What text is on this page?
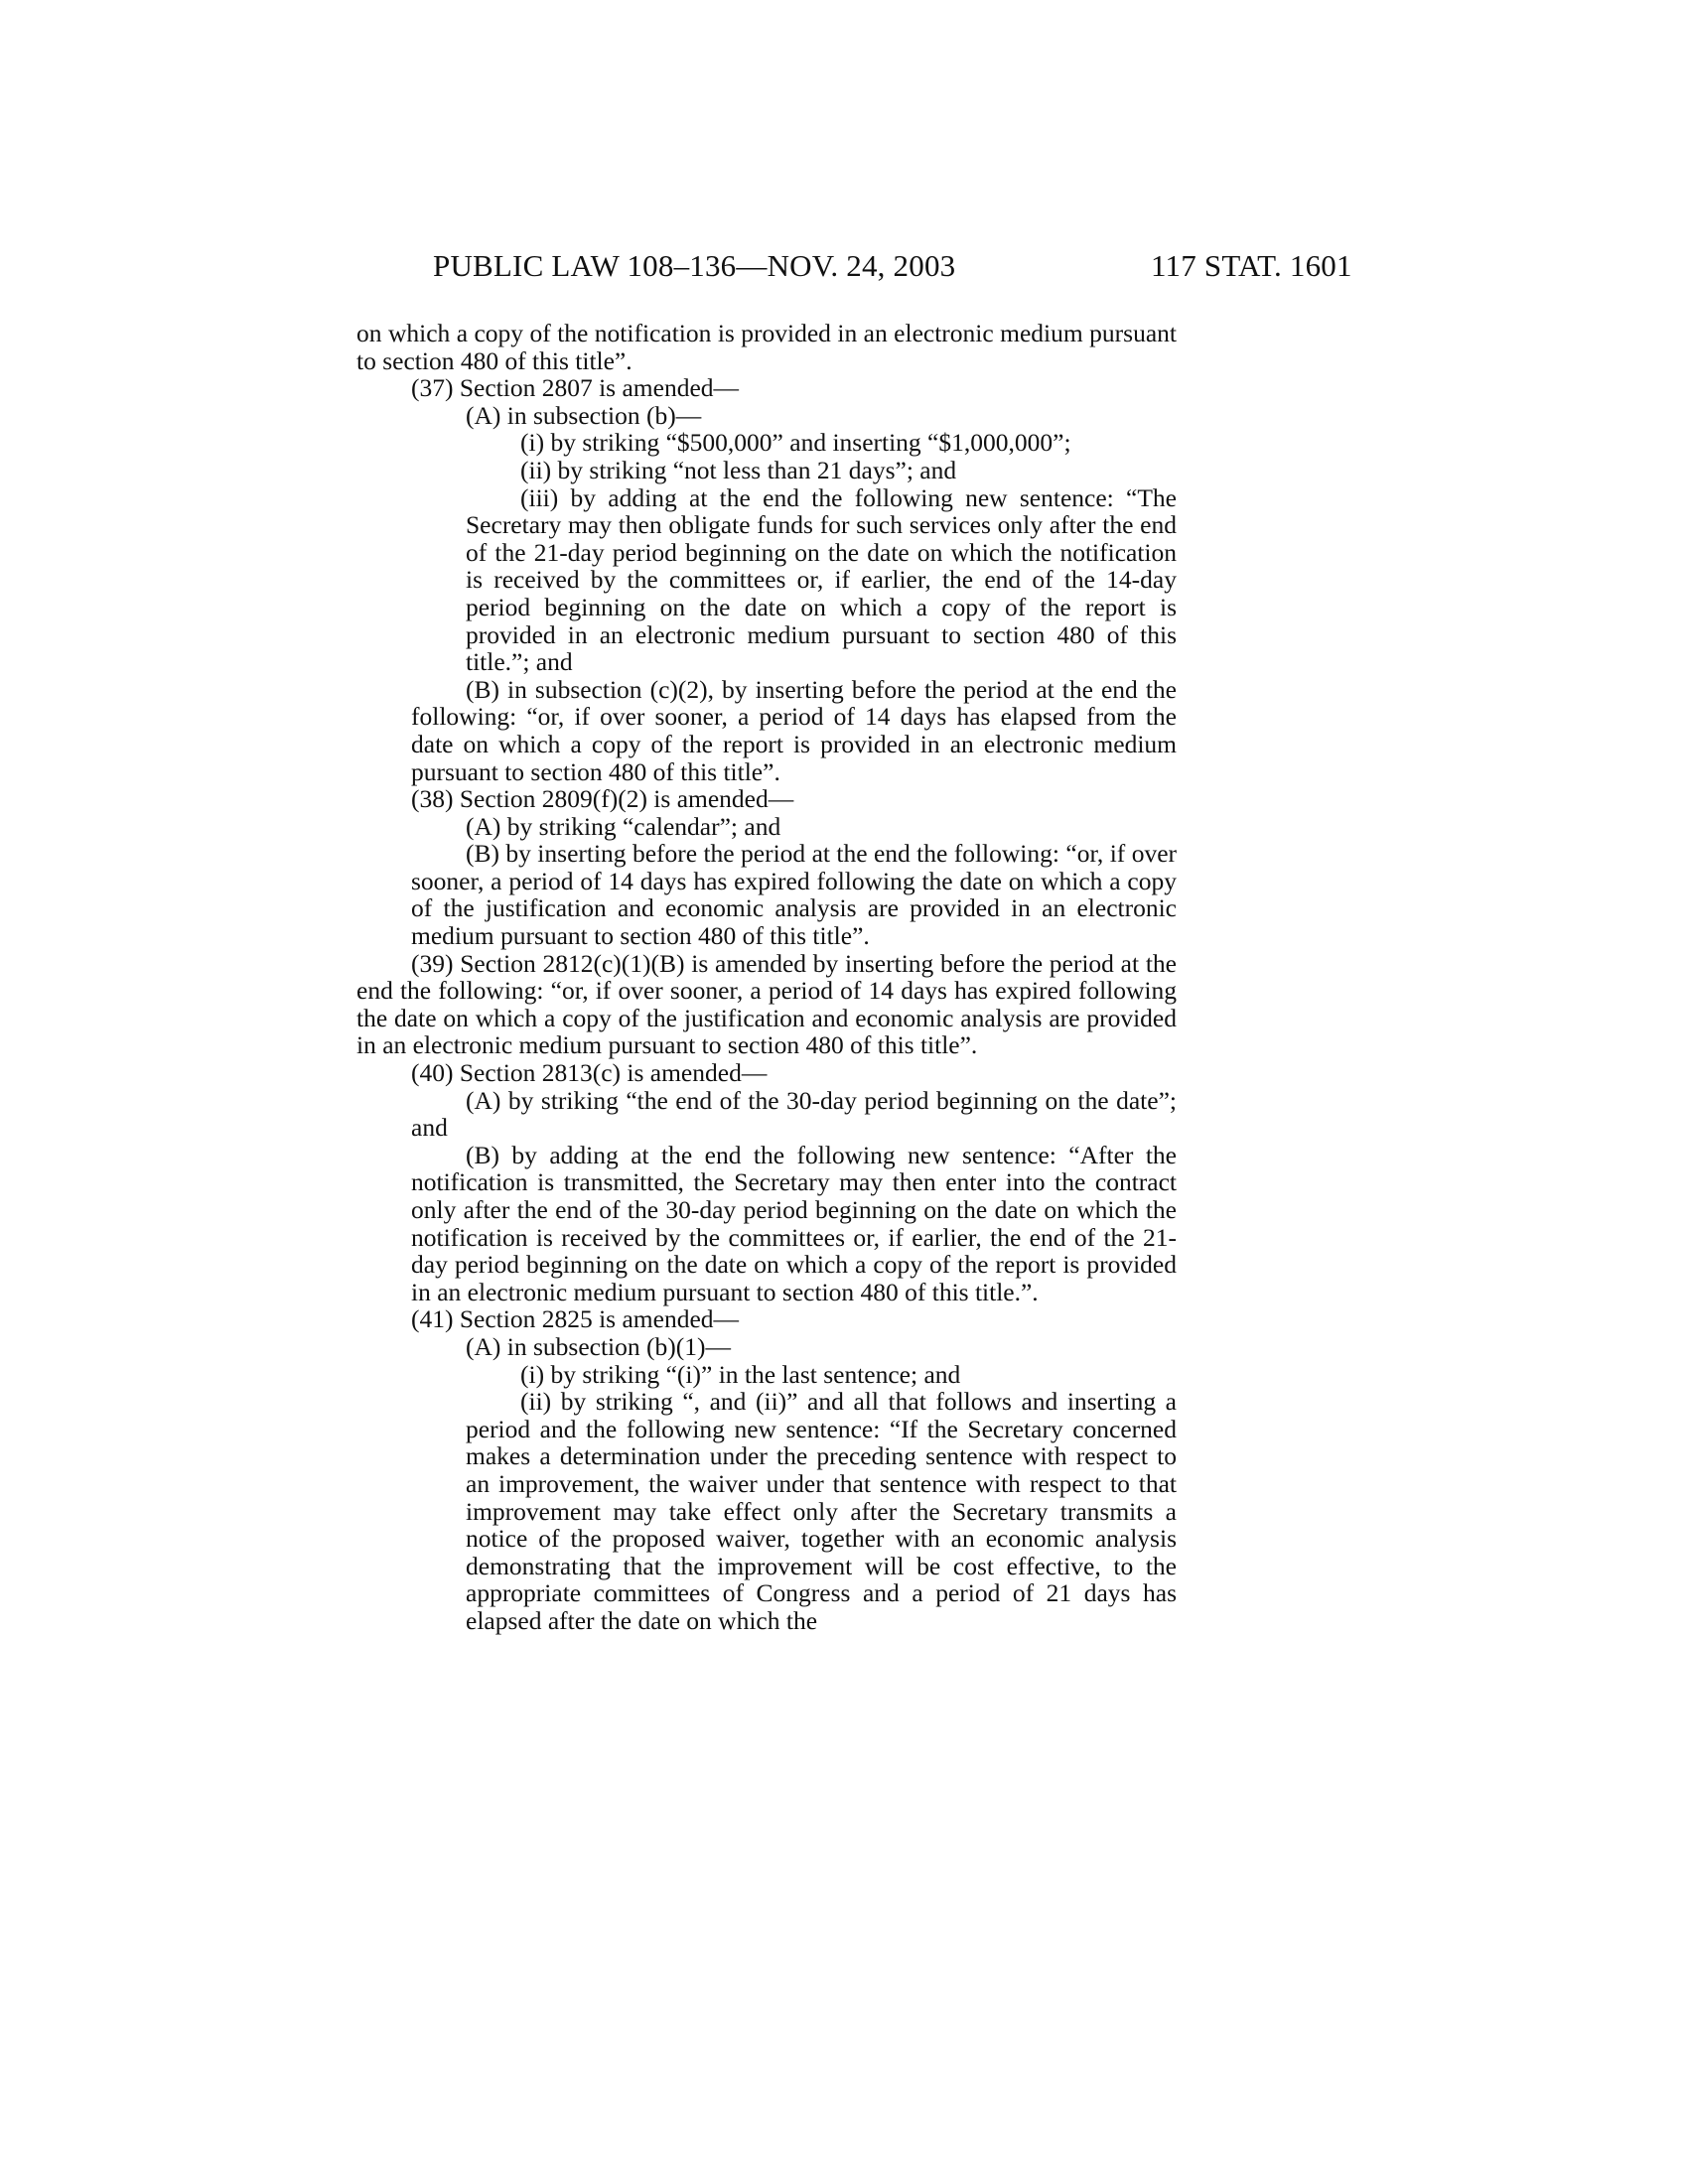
PUBLIC LAW 108–136—NOV. 24, 2003	117 STAT. 1601

on which a copy of the notification is provided in an electronic medium pursuant to section 480 of this title”.

(37) Section 2807 is amended—

(A) in subsection (b)—

(i) by striking “$500,000” and inserting “$1,000,000”;

(ii) by striking “not less than 21 days”; and

(iii) by adding at the end the following new sentence: “The Secretary may then obligate funds for such services only after the end of the 21-day period beginning on the date on which the notification is received by the committees or, if earlier, the end of the 14-day period beginning on the date on which a copy of the report is provided in an electronic medium pursuant to section 480 of this title.”; and

(B) in subsection (c)(2), by inserting before the period at the end the following: “or, if over sooner, a period of 14 days has elapsed from the date on which a copy of the report is provided in an electronic medium pursuant to section 480 of this title”.

(38) Section 2809(f)(2) is amended—

(A) by striking “calendar”; and

(B) by inserting before the period at the end the following: “or, if over sooner, a period of 14 days has expired following the date on which a copy of the justification and economic analysis are provided in an electronic medium pursuant to section 480 of this title”.

(39) Section 2812(c)(1)(B) is amended by inserting before the period at the end the following: “or, if over sooner, a period of 14 days has expired following the date on which a copy of the justification and economic analysis are provided in an electronic medium pursuant to section 480 of this title”.

(40) Section 2813(c) is amended—

(A) by striking “the end of the 30-day period beginning on the date”; and

(B) by adding at the end the following new sentence: “After the notification is transmitted, the Secretary may then enter into the contract only after the end of the 30-day period beginning on the date on which the notification is received by the committees or, if earlier, the end of the 21-day period beginning on the date on which a copy of the report is provided in an electronic medium pursuant to section 480 of this title.”.

(41) Section 2825 is amended—

(A) in subsection (b)(1)—

(i) by striking “(i)” in the last sentence; and

(ii) by striking “, and (ii)” and all that follows and inserting a period and the following new sentence: “If the Secretary concerned makes a determination under the preceding sentence with respect to an improvement, the waiver under that sentence with respect to that improvement may take effect only after the Secretary transmits a notice of the proposed waiver, together with an economic analysis demonstrating that the improvement will be cost effective, to the appropriate committees of Congress and a period of 21 days has elapsed after the date on which the
